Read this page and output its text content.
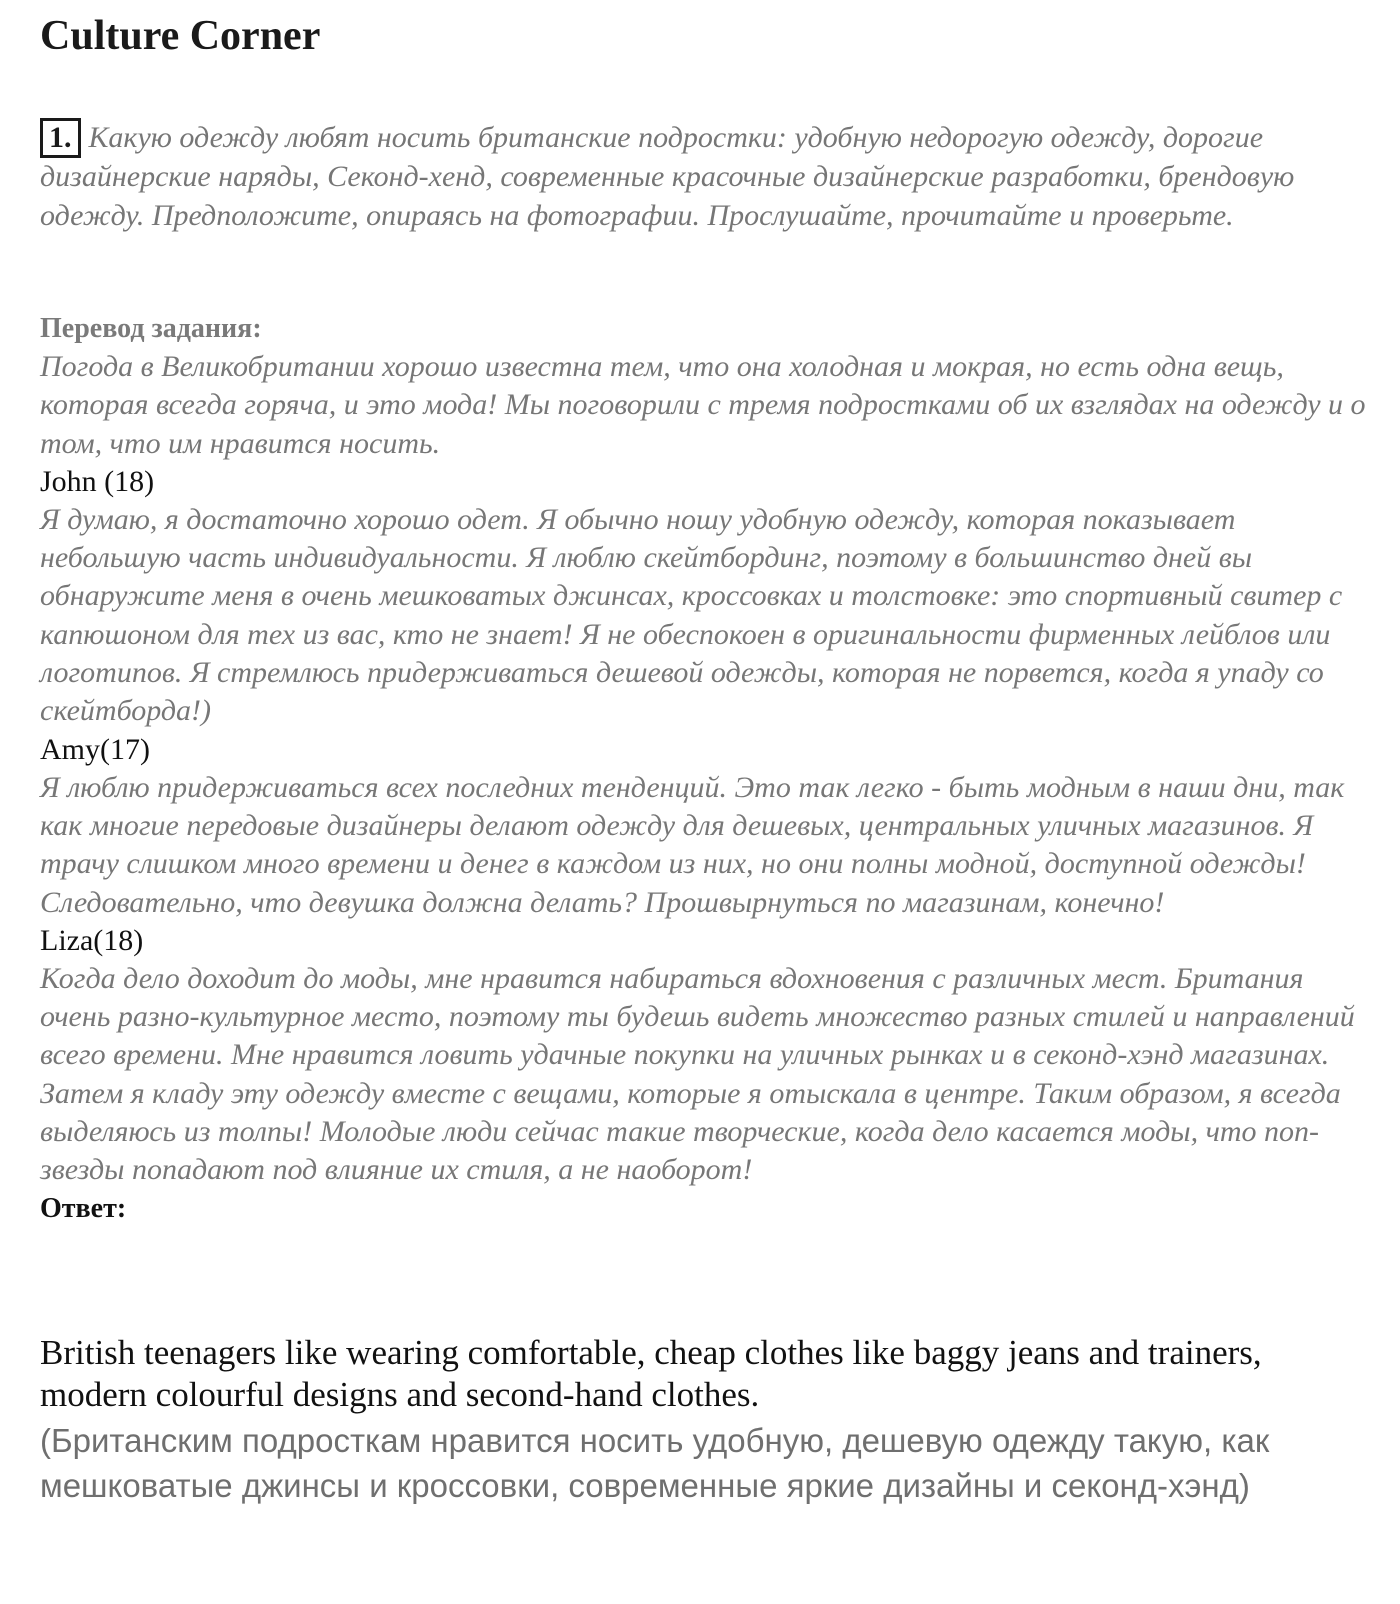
Culture Corner
1. Какую одежду любят носить британские подростки: удобную недорогую одежду, дорогие дизайнерские наряды, Секонд-хенд, современные красочные дизайнерские разработки, брендовую одежду. Предположите, опираясь на фотографии. Прослушайте, прочитайте и проверьте.

Перевод задания:

Погода в Великобритании хорошо известна тем, что она холодная и мокрая, но есть одна вещь, которая всегда горяча, и это мода! Мы поговорили с тремя подростками об их взглядах на одежду и о том, что им нравится носить.

John (18)

Я думаю, я достаточно хорошо одет. Я обычно ношу удобную одежду, которая показывает небольшую часть индивидуальности. Я люблю скейтбординг, поэтому в большинство дней вы обнаружите меня в очень мешковатых джинсах, кроссовках и толстовке: это спортивный свитер с капюшоном для тех из вас, кто не знает! Я не обеспокоен в оригинальности фирменных лейблов или логотипов. Я стремлюсь придерживаться дешевой одежды, которая не порвется, когда я упаду со скейтборда!)

Amy(17)

Я люблю придерживаться всех последних тенденций. Это так легко - быть модным в наши дни, так как многие передовые дизайнеры делают одежду для дешевых, центральных уличных магазинов. Я трачу слишком много времени и денег в каждом из них, но они полны модной, доступной одежды! Следовательно, что девушка должна делать? Прошвырнуться по магазинам, конечно!

Liza(18)

Когда дело доходит до моды, мне нравится набираться вдохновения с различных мест. Британия очень разно-культурное место, поэтому ты будешь видеть множество разных стилей и направлений всего времени. Мне нравится ловить удачные покупки на уличных рынках и в секонд-хэнд магазинах. Затем я кладу эту одежду вместе с вещами, которые я отыскала в центре. Таким образом, я всегда выделяюсь из толпы! Молодые люди сейчас такие творческие, когда дело касается моды, что поп-звезды попадают под влияние их стиля, а не наоборот!

Ответ:

British teenagers like wearing comfortable, cheap clothes like baggy jeans and trainers, modern colourful designs and second-hand clothes.

(Британским подросткам нравится носить удобную, дешевую одежду такую, как мешковатые джинсы и кроссовки, современные яркие дизайны и секонд-хэнд)
